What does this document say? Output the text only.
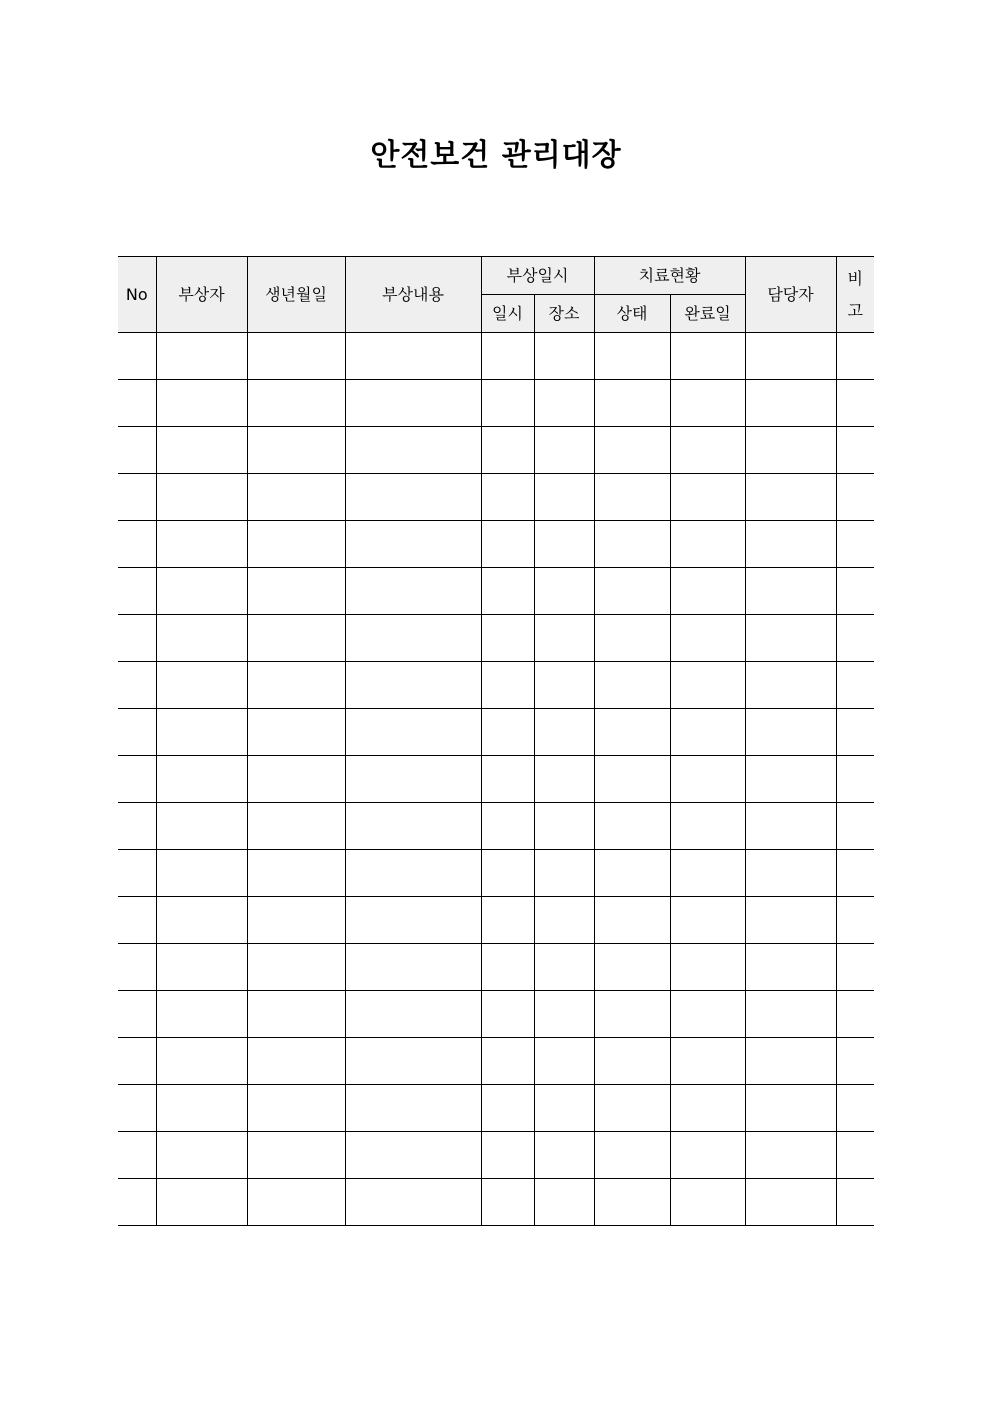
안전보건 관리대장
No	부상자	생년월일	부상내용	부상일시		치료현황		담당자	비
고

				일시	장소	상태	완료일		
